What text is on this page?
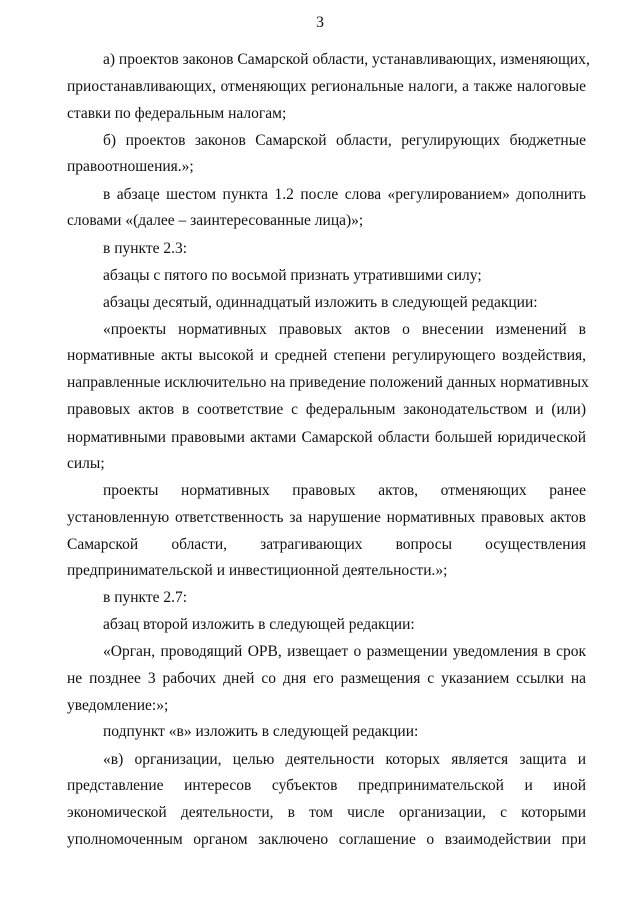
3
а) проектов законов Самарской области, устанавливающих, изменяющих,
приостанавливающих, отменяющих региональные налоги, а также налоговые
ставки по федеральным налогам;
б) проектов законов Самарской области, регулирующих бюджетные
правоотношения.»;
в абзаце шестом пункта 1.2 после слова «регулированием» дополнить
словами «(далее – заинтересованные лица)»;
в пункте 2.3:
абзацы с пятого по восьмой признать утратившими силу;
абзацы десятый, одиннадцатый изложить в следующей редакции:
«проекты нормативных правовых актов о внесении изменений в
нормативные акты высокой и средней степени регулирующего воздействия,
направленные исключительно на приведение положений данных нормативных
правовых актов в соответствие с федеральным законодательством и (или)
нормативными правовыми актами Самарской области большей юридической
силы;
проекты нормативных правовых актов, отменяющих ранее
установленную ответственность за нарушение нормативных правовых актов
Самарской области, затрагивающих вопросы осуществления
предпринимательской и инвестиционной деятельности.»;
в пункте 2.7:
абзац второй изложить в следующей редакции:
«Орган, проводящий ОРВ, извещает о размещении уведомления в срок
не позднее 3 рабочих дней со дня его размещения с указанием ссылки на
уведомление:»;
подпункт «в» изложить в следующей редакции:
«в) организации, целью деятельности которых является защита и
представление интересов субъектов предпринимательской и иной
экономической деятельности, в том числе организации, с которыми
уполномоченным органом заключено соглашение о взаимодействии при
